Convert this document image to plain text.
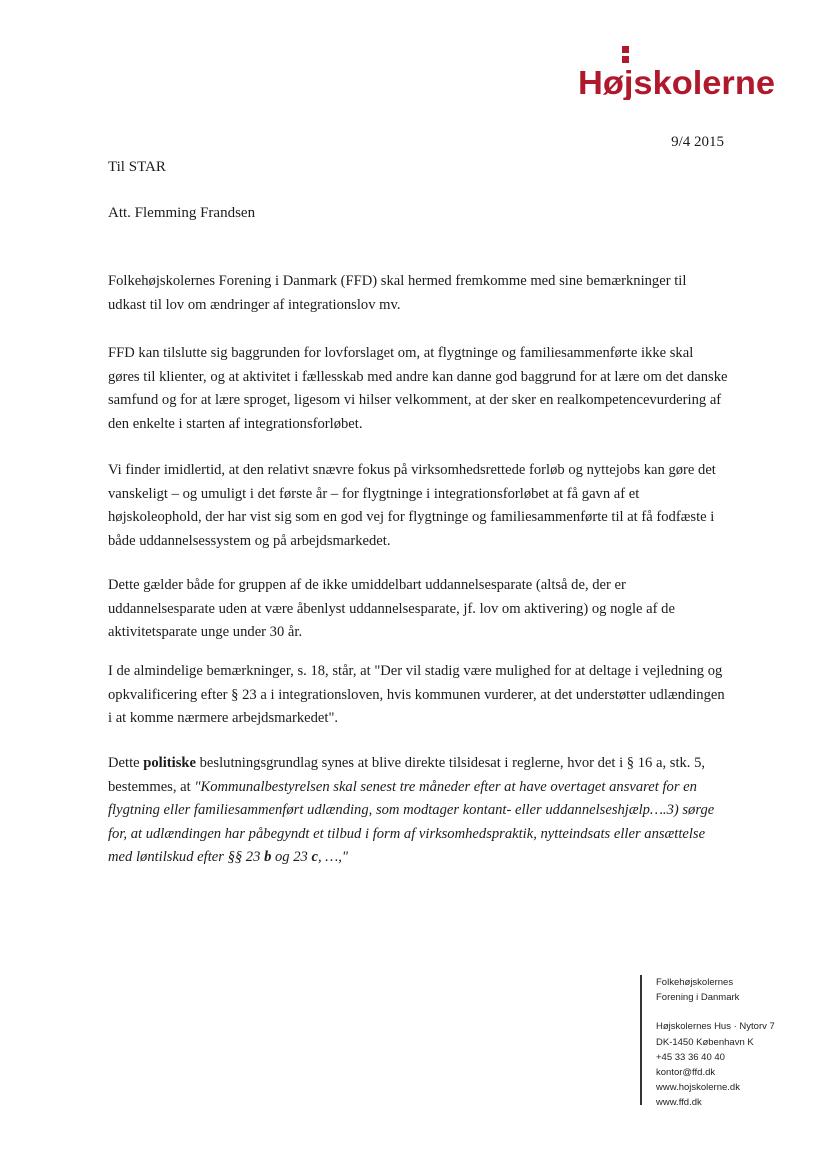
Højskolerne
9/4 2015
Til STAR
Att. Flemming Frandsen

Folkehøjskolernes Forening i Danmark (FFD) skal hermed fremkomme med sine bemærkninger til udkast til lov om ændringer af integrationslov mv.

FFD kan tilslutte sig baggrunden for lovforslaget om, at flygtninge og familiesammenførte ikke skal gøres til klienter, og at aktivitet i fællesskab med andre kan danne god baggrund for at lære om det danske samfund og for at lære sproget, ligesom vi hilser velkomment, at der sker en realkompetencevurdering af den enkelte i starten af integrationsforløbet.

Vi finder imidlertid, at den relativt snævre fokus på virksomhedsrettede forløb og nyttejobs kan gøre det vanskeligt – og umuligt i det første år – for flygtninge i integrationsforløbet at få gavn af et højskoleophold, der har vist sig som en god vej for flygtninge og familiesammenførte til at få fodfæste i både uddannelsessystem og på arbejdsmarkedet.

Dette gælder både for gruppen af de ikke umiddelbart uddannelsesparate (altså de, der er uddannelsesparate uden at være åbenlyst uddannelsesparate, jf. lov om aktivering) og nogle af de aktivitetsparate unge under 30 år.

I de almindelige bemærkninger, s. 18, står, at "Der vil stadig være mulighed for at deltage i vejledning og opkvalificering efter § 23 a i integrationsloven, hvis kommunen vurderer, at det understøtter udlændingen i at komme nærmere arbejdsmarkedet".

Dette politiske beslutningsgrundlag synes at blive direkte tilsidesat i reglerne, hvor det i § 16 a, stk. 5, bestemmes, at "Kommunalbestyrelsen skal senest tre måneder efter at have overtaget ansvaret for en flygtning eller familiesammenført udlænding, som modtager kontant- eller uddannelseshjælp….3) sørge for, at udlændingen har påbegyndt et tilbud i form af virksomhedspraktik, nytteindsats eller ansættelse med løntilskud efter §§ 23 b og 23 c, …,"

Folkehøjskolernes
Forening i Danmark
Højskolernes Hus · Nytorv 7
DK-1450 København K
+45 33 36 40 40
kontor@ffd.dk
www.hojskolerne.dk
www.ffd.dk
